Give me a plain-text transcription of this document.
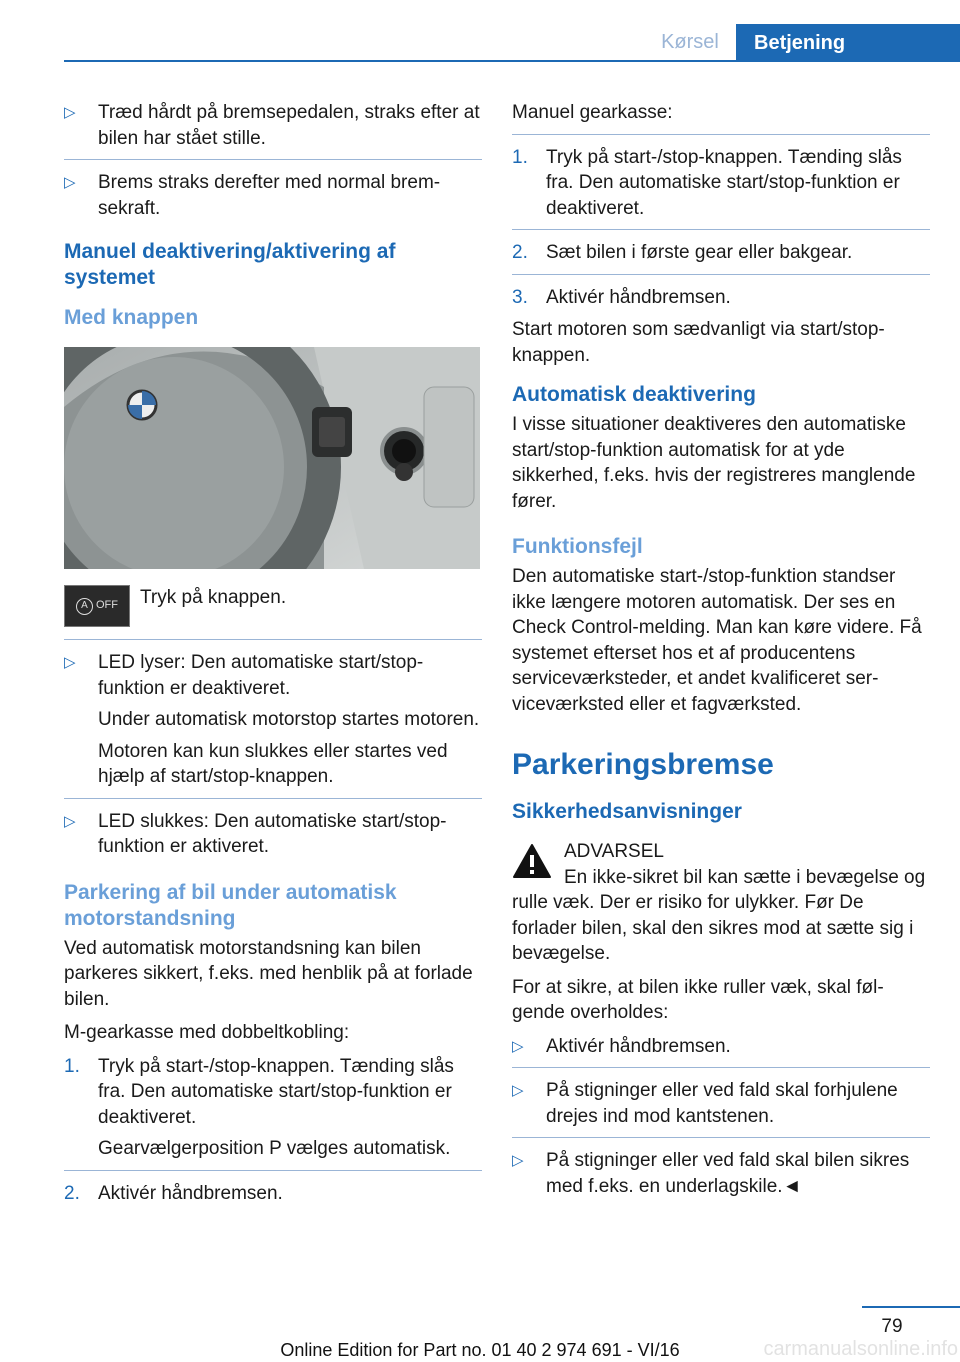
Kørsel	Betjening
▷ Træd hårdt på bremsepedalen, straks efter at bilen har stået stille.
▷ Brems straks derefter med normal bremsekraft.
Manuel deaktivering/aktivering af systemet
Med knappen
A OFF Tryk på knappen.
▷ LED lyser: Den automatiske start/stop-funktion er deaktiveret.

Under automatisk motorstop startes motoren.

Motoren kan kun slukkes eller startes ved hjælp af start/stop-knappen.

▷ LED slukkes: Den automatiske start/stop-funktion er aktiveret.
Parkering af bil under automatisk motorstandsning

Ved automatisk motorstandsning kan bilen parkeres sikkert, f.eks. med henblik på at forlade bilen.

M-gearkasse med dobbeltkobling:

1. Tryk på start-/stop-knappen. Tænding slås fra. Den automatiske start/stop-funktion er deaktiveret.

Gearvælgerposition P vælges automatisk.

2. Aktivér håndbremsen.

Manuel gearkasse:

1. Tryk på start-/stop-knappen. Tænding slås fra. Den automatiske start/stop-funktion er deaktiveret.
2. Sæt bilen i første gear eller bakgear.
3. Aktivér håndbremsen.

Start motoren som sædvanligt via start/stop-knappen.

Automatisk deaktivering

I visse situationer deaktiveres den automatiske start/stop-funktion automatisk for at yde sikkerhed, f.eks. hvis der registreres manglende fører.

Funktionsfejl

Den automatiske start-/stop-funktion standser ikke længere motoren automatisk. Der ses en Check Control-melding. Man kan køre videre. Få systemet efterset hos et af producentens serviceværksteder, et andet kvalificeret serviceværksted eller et fagværksted.

Parkeringsbremse
Sikkerhedsanvisninger
ADVARSEL

En ikke-sikret bil kan sætte i bevægelse og rulle væk. Der er risiko for ulykker. Før De forlader bilen, skal den sikres mod at sætte sig i bevægelse.

For at sikre, at bilen ikke ruller væk, skal følgende overholdes:

▷ Aktivér håndbremsen.
▷ På stigninger eller ved fald skal forhjulene drejes ind mod kantstenen.
▷ På stigninger eller ved fald skal bilen sikres med f.eks. en underlagskile.◄
79
Online Edition for Part no. 01 40 2 974 691 - VI/16	carmanualsonline.info
